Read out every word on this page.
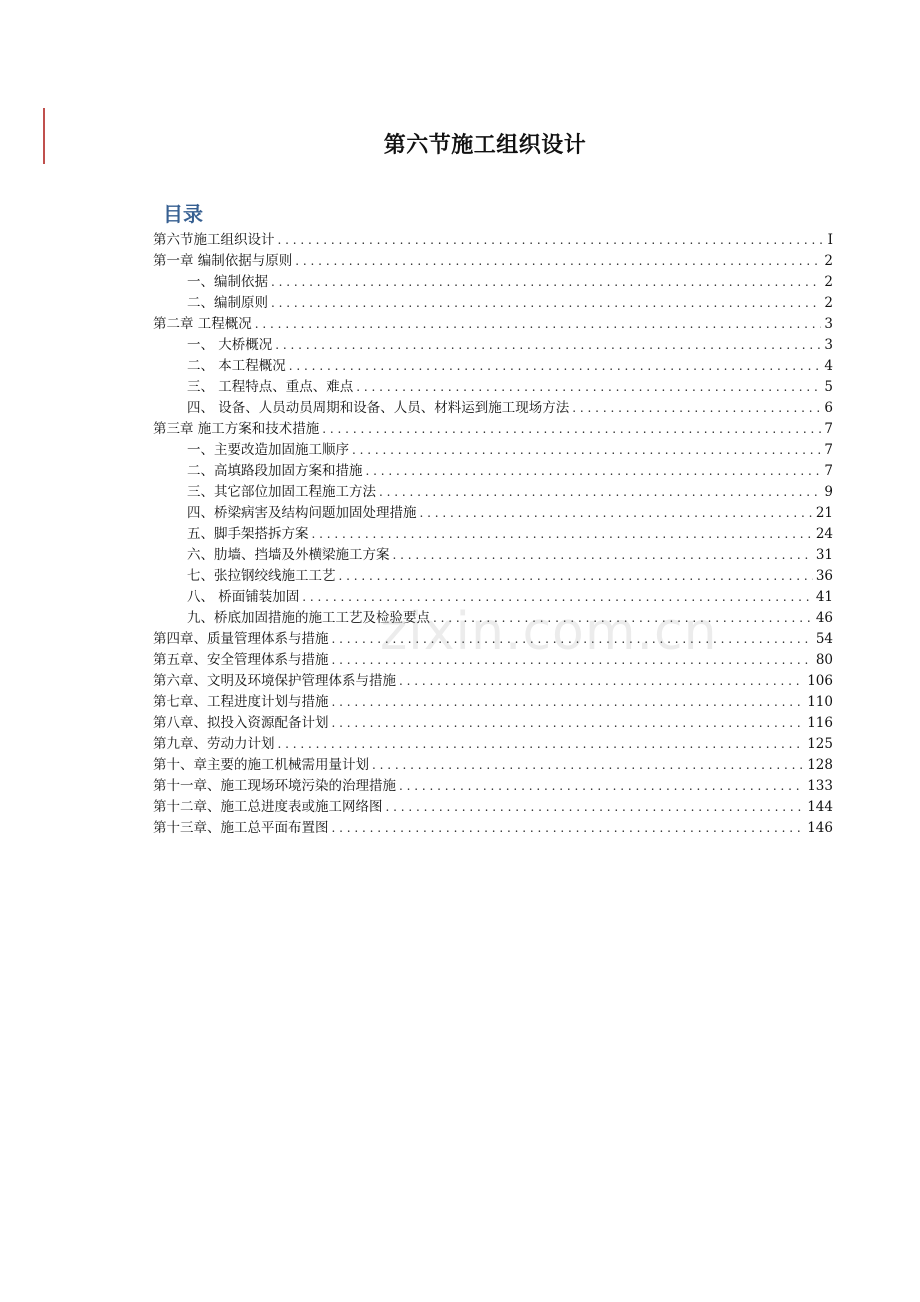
第六节施工组织设计
目录
第六节施工组织设计 . . .	I
第一章 编制依据与原则 . . .	2
一、编制依据 . . .	2
二、编制原则 . . .	2
第二章 工程概况 . . .	3
一、 大桥概况 . . .	3
二、 本工程概况 . . .	4
三、 工程特点、重点、难点 . . .	5
四、 设备、人员动员周期和设备、人员、材料运到施工现场方法 . . .	6
第三章 施工方案和技术措施 . . .	7
一、主要改造加固施工顺序 . . .	7
二、高填路段加固方案和措施 . . .	7
三、其它部位加固工程施工方法 . . .	9
四、桥梁病害及结构问题加固处理措施 . . .	21
五、脚手架搭拆方案 . . .	24
六、肋墙、挡墙及外横梁施工方案 . . .	31
七、张拉钢绞线施工工艺 . . .	36
八、 桥面铺装加固 . . .	41
九、桥底加固措施的施工工艺及检验要点 . . .	46
第四章、质量管理体系与措施 . . .	54
第五章、安全管理体系与措施 . . .	80
第六章、文明及环境保护管理体系与措施 . . .	106
第七章、工程进度计划与措施 . . .	110
第八章、拟投入资源配备计划 . . .	116
第九章、劳动力计划 . . .	125
第十、章主要的施工机械需用量计划 . . .	128
第十一章、施工现场环境污染的治理措施 . . .	133
第十二章、施工总进度表或施工网络图 . . .	144
第十三章、施工总平面布置图 . . .	146
zixin.com.cn
